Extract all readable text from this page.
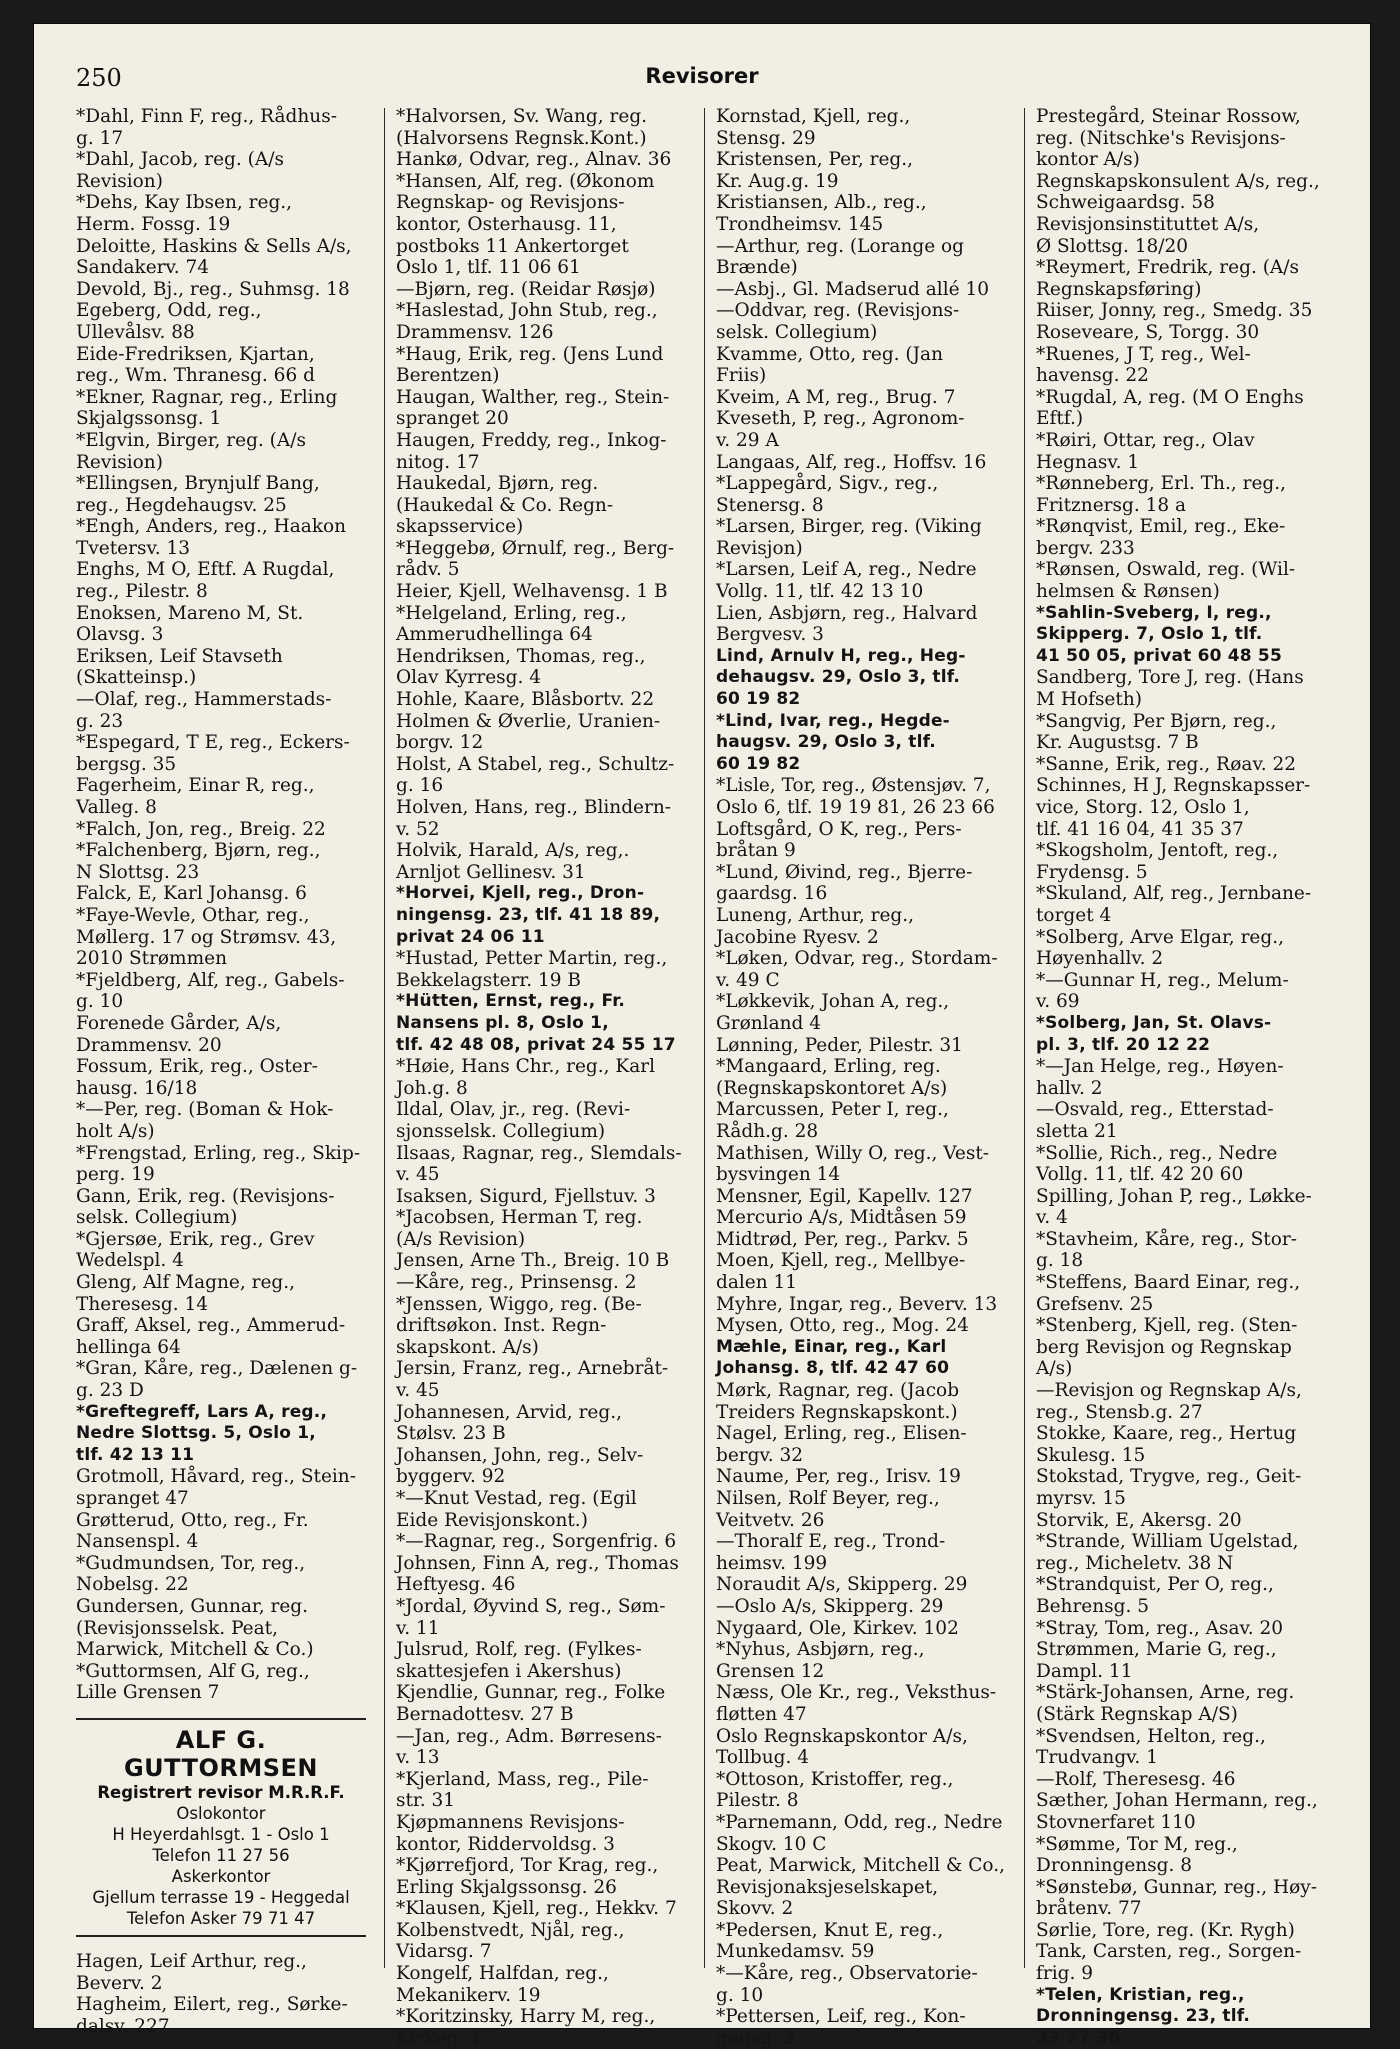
250	Revisorer

*Dahl, Finn F, reg., Rådhus-
g. 17

*Dahl, Jacob, reg. (A/s
Revision)

*Dehs, Kay Ibsen, reg.,
Herm. Fossg. 19

Deloitte, Haskins & Sells A/s,
Sandakerv. 74

Devold, Bj., reg., Suhmsg. 18

Egeberg, Odd, reg.,
Ullevålsv. 88

Eide-Fredriksen, Kjartan,
reg., Wm. Thranesg. 66 d

*Ekner, Ragnar, reg., Erling
Skjalgssonsg. 1

*Elgvin, Birger, reg. (A/s
Revision)

*Ellingsen, Brynjulf Bang,
reg., Hegdehaugsv. 25

*Engh, Anders, reg., Haakon
Tvetersv. 13

Enghs, M O, Eftf. A Rugdal,
reg., Pilestr. 8

Enoksen, Mareno M, St.
Olavsg. 3

Eriksen, Leif Stavseth
(Skatteinsp.)

—Olaf, reg., Hammerstads-
g. 23

*Espegard, T E, reg., Eckers-
bergsg. 35

Fagerheim, Einar R, reg.,
Valleg. 8

*Falch, Jon, reg., Breig. 22

*Falchenberg, Bjørn, reg.,
N Slottsg. 23

Falck, E, Karl Johansg. 6

*Faye-Wevle, Othar, reg.,
Møllerg. 17 og Strømsv. 43,
2010 Strømmen

*Fjeldberg, Alf, reg., Gabels-
g. 10

Forenede Gårder, A/s,
Drammensv. 20

Fossum, Erik, reg., Oster-
hausg. 16/18

*—Per, reg. (Boman & Hok-
holt A/s)

*Frengstad, Erling, reg., Skip-
perg. 19

Gann, Erik, reg. (Revisjons-
selsk. Collegium)

*Gjersøe, Erik, reg., Grev
Wedelspl. 4

Gleng, Alf Magne, reg.,
Theresesg. 14

Graff, Aksel, reg., Ammerud-
hellinga 64

*Gran, Kåre, reg., Dælenen g-
g. 23 D

*Greftegreff, Lars A, reg.,
Nedre Slottsg. 5, Oslo 1,
tlf. 42 13 11

Grotmoll, Håvard, reg., Stein-
spranget 47

Grøtterud, Otto, reg., Fr.
Nansenspl. 4

*Gudmundsen, Tor, reg.,
Nobelsg. 22

Gundersen, Gunnar, reg.
(Revisjonsselsk. Peat,
Marwick, Mitchell & Co.)

*Guttormsen, Alf G, reg.,
Lille Grensen 7

ALF G. GUTTORMSEN
Registrert revisor M.R.R.F.
Oslokontor
H Heyerdahlsgt. 1 - Oslo 1
Telefon 11 27 56
Askerkontor
Gjellum terrasse 19 - Heggedal
Telefon Asker 79 71 47

Hagen, Leif Arthur, reg.,
Beverv. 2

Hagheim, Eilert, reg., Sørke-
dalsv. 227

*Halvorsen, Sv. Wang, reg.
(Halvorsens Regnsk.Kont.)

Hankø, Odvar, reg., Alnav. 36

*Hansen, Alf, reg. (Økonom
Regnskap- og Revisjons-
kontor, Osterhausg. 11,
postboks 11 Ankertorget
Oslo 1, tlf. 11 06 61

—Bjørn, reg. (Reidar Røsjø)

*Haslestad, John Stub, reg.,
Drammensv. 126

*Haug, Erik, reg. (Jens Lund
Berentzen)

Haugan, Walther, reg., Stein-
spranget 20

Haugen, Freddy, reg., Inkog-
nitog. 17

Haukedal, Bjørn, reg.
(Haukedal & Co. Regn-
skapsservice)

*Heggebø, Ørnulf, reg., Berg-
rådv. 5

Heier, Kjell, Welhavensg. 1 B

*Helgeland, Erling, reg.,
Ammerudhellinga 64

Hendriksen, Thomas, reg.,
Olav Kyrresg. 4

Hohle, Kaare, Blåsbortv. 22

Holmen & Øverlie, Uranien-
borgv. 12

Holst, A Stabel, reg., Schultz-
g. 16

Holven, Hans, reg., Blindern-
v. 52

Holvik, Harald, A/s, reg,.
Arnljot Gellinesv. 31

*Horvei, Kjell, reg., Dron-
ningensg. 23, tlf. 41 18 89,
privat 24 06 11

*Hustad, Petter Martin, reg.,
Bekkelagsterr. 19 B

*Hütten, Ernst, reg., Fr.
Nansens pl. 8, Oslo 1,
tlf. 42 48 08, privat 24 55 17

*Høie, Hans Chr., reg., Karl
Joh.g. 8

Ildal, Olav, jr., reg. (Revi-
sjonsselsk. Collegium)

Ilsaas, Ragnar, reg., Slemdals-
v. 45

Isaksen, Sigurd, Fjellstuv. 3

*Jacobsen, Herman T, reg.
(A/s Revision)

Jensen, Arne Th., Breig. 10 B

—Kåre, reg., Prinsensg. 2

*Jenssen, Wiggo, reg. (Be-
driftsøkon. Inst. Regn-
skapskont. A/s)

Jersin, Franz, reg., Arnebråt-
v. 45

Johannesen, Arvid, reg.,
Stølsv. 23 B

Johansen, John, reg., Selv-
byggerv. 92

*—Knut Vestad, reg. (Egil
Eide Revisjonskont.)

*—Ragnar, reg., Sorgenfrig. 6

Johnsen, Finn A, reg., Thomas
Heftyesg. 46

*Jordal, Øyvind S, reg., Søm-
v. 11

Julsrud, Rolf, reg. (Fylkes-
skattesjefen i Akershus)

Kjendlie, Gunnar, reg., Folke
Bernadottesv. 27 B

—Jan, reg., Adm. Børresens-
v. 13

*Kjerland, Mass, reg., Pile-
str. 31

Kjøpmannens Revisjons-
kontor, Riddervoldsg. 3

*Kjørrefjord, Tor Krag, reg.,
Erling Skjalgssonsg. 26

*Klausen, Kjell, reg., Hekkv. 7

Kolbenstvedt, Njål, reg.,
Vidarsg. 7

Kongelf, Halfdan, reg.,
Mekanikerv. 19

*Koritzinsky, Harry M, reg.,
Kirkeg. 15

Kornstad, Kjell, reg.,
Stensg. 29

Kristensen, Per, reg.,
Kr. Aug.g. 19

Kristiansen, Alb., reg.,
Trondheimsv. 145

—Arthur, reg. (Lorange og
Brænde)

—Asbj., Gl. Madserud allé 10

—Oddvar, reg. (Revisjons-
selsk. Collegium)

Kvamme, Otto, reg. (Jan
Friis)

Kveim, A M, reg., Brug. 7

Kveseth, P, reg., Agronom-
v. 29 A

Langaas, Alf, reg., Hoffsv. 16

*Lappegård, Sigv., reg.,
Stenersg. 8

*Larsen, Birger, reg. (Viking
Revisjon)

*Larsen, Leif A, reg., Nedre
Vollg. 11, tlf. 42 13 10

Lien, Asbjørn, reg., Halvard
Bergvesv. 3

Lind, Arnulv H, reg., Heg-
dehaugsv. 29, Oslo 3, tlf.
60 19 82

*Lind, Ivar, reg., Hegde-
haugsv. 29, Oslo 3, tlf.
60 19 82

*Lisle, Tor, reg., Østensjøv. 7,
Oslo 6, tlf. 19 19 81, 26 23 66

Loftsgård, O K, reg., Pers-
bråtan 9

*Lund, Øivind, reg., Bjerre-
gaardsg. 16

Luneng, Arthur, reg.,
Jacobine Ryesv. 2

*Løken, Odvar, reg., Stordam-
v. 49 C

*Løkkevik, Johan A, reg.,
Grønland 4

Lønning, Peder, Pilestr. 31

*Mangaard, Erling, reg.
(Regnskapskontoret A/s)

Marcussen, Peter I, reg.,
Rådh.g. 28

Mathisen, Willy O, reg., Vest-
bysvingen 14

Mensner, Egil, Kapellv. 127

Mercurio A/s, Midtåsen 59

Midtrød, Per, reg., Parkv. 5

Moen, Kjell, reg., Mellbye-
dalen 11

Myhre, Ingar, reg., Beverv. 13

Mysen, Otto, reg., Mog. 24

Mæhle, Einar, reg., Karl
Johansg. 8, tlf. 42 47 60

Mørk, Ragnar, reg. (Jacob
Treiders Regnskapskont.)

Nagel, Erling, reg., Elisen-
bergv. 32

Naume, Per, reg., Irisv. 19

Nilsen, Rolf Beyer, reg.,
Veitvetv. 26

—Thoralf E, reg., Trond-
heimsv. 199

Noraudit A/s, Skipperg. 29

—Oslo A/s, Skipperg. 29

Nygaard, Ole, Kirkev. 102

*Nyhus, Asbjørn, reg.,
Grensen 12

Næss, Ole Kr., reg., Veksthus-
fløtten 47

Oslo Regnskapskontor A/s,
Tollbug. 4

*Ottoson, Kristoffer, reg.,
Pilestr. 8

*Parnemann, Odd, reg., Nedre
Skogv. 10 C

Peat, Marwick, Mitchell & Co.,
Revisjonaksjeselskapet,
Skovv. 2

*Pedersen, Knut E, reg.,
Munkedamsv. 59

*—Kåre, reg., Observatorie-
g. 10

*Pettersen, Leif, reg., Kon-
gensg. 2

Prestegård, Steinar Rossow,
reg. (Nitschke's Revisjons-
kontor A/s)

Regnskapskonsulent A/s, reg.,
Schweigaardsg. 58

Revisjonsinstituttet A/s,
Ø Slottsg. 18/20

*Reymert, Fredrik, reg. (A/s
Regnskapsføring)

Riiser, Jonny, reg., Smedg. 35

Roseveare, S, Torgg. 30

*Ruenes, J T, reg., Wel-
havensg. 22

*Rugdal, A, reg. (M O Enghs
Eftf.)

*Røiri, Ottar, reg., Olav
Hegnasv. 1

*Rønneberg, Erl. Th., reg.,
Fritznersg. 18 a

*Rønqvist, Emil, reg., Eke-
bergv. 233

*Rønsen, Oswald, reg. (Wil-
helmsen & Rønsen)

*Sahlin-Sveberg, I, reg.,
Skipperg. 7, Oslo 1, tlf.
41 50 05, privat 60 48 55

Sandberg, Tore J, reg. (Hans
M Hofseth)

*Sangvig, Per Bjørn, reg.,
Kr. Augustsg. 7 B

*Sanne, Erik, reg., Røav. 22

Schinnes, H J, Regnskapsser-
vice, Storg. 12, Oslo 1,
tlf. 41 16 04, 41 35 37

*Skogsholm, Jentoft, reg.,
Frydensg. 5

*Skuland, Alf, reg., Jernbane-
torget 4

*Solberg, Arve Elgar, reg.,
Høyenhallv. 2

*—Gunnar H, reg., Melum-
v. 69

*Solberg, Jan, St. Olavs-
pl. 3, tlf. 20 12 22

*—Jan Helge, reg., Høyen-
hallv. 2

—Osvald, reg., Etterstad-
sletta 21

*Sollie, Rich., reg., Nedre
Vollg. 11, tlf. 42 20 60

Spilling, Johan P, reg., Løkke-
v. 4

*Stavheim, Kåre, reg., Stor-
g. 18

*Steffens, Baard Einar, reg.,
Grefsenv. 25

*Stenberg, Kjell, reg. (Sten-
berg Revisjon og Regnskap
A/s)

—Revisjon og Regnskap A/s,
reg., Stensb.g. 27

Stokke, Kaare, reg., Hertug
Skulesg. 15

Stokstad, Trygve, reg., Geit-
myrsv. 15

Storvik, E, Akersg. 20

*Strande, William Ugelstad,
reg., Micheletv. 38 N

*Strandquist, Per O, reg.,
Behrensg. 5

*Stray, Tom, reg., Asav. 20

Strømmen, Marie G, reg.,
Dampl. 11

*Stärk-Johansen, Arne, reg.
(Stärk Regnskap A/S)

*Svendsen, Helton, reg.,
Trudvangv. 1

—Rolf, Theresesg. 46

Sæther, Johan Hermann, reg.,
Stovnerfaret 110

*Sømme, Tor M, reg.,
Dronningensg. 8

*Sønstebø, Gunnar, reg., Høy-
bråtenv. 77

Sørlie, Tore, reg. (Kr. Rygh)

Tank, Carsten, reg., Sorgen-
frig. 9

*Telen, Kristian, reg.,
Dronningensg. 23, tlf.
33 77 36
